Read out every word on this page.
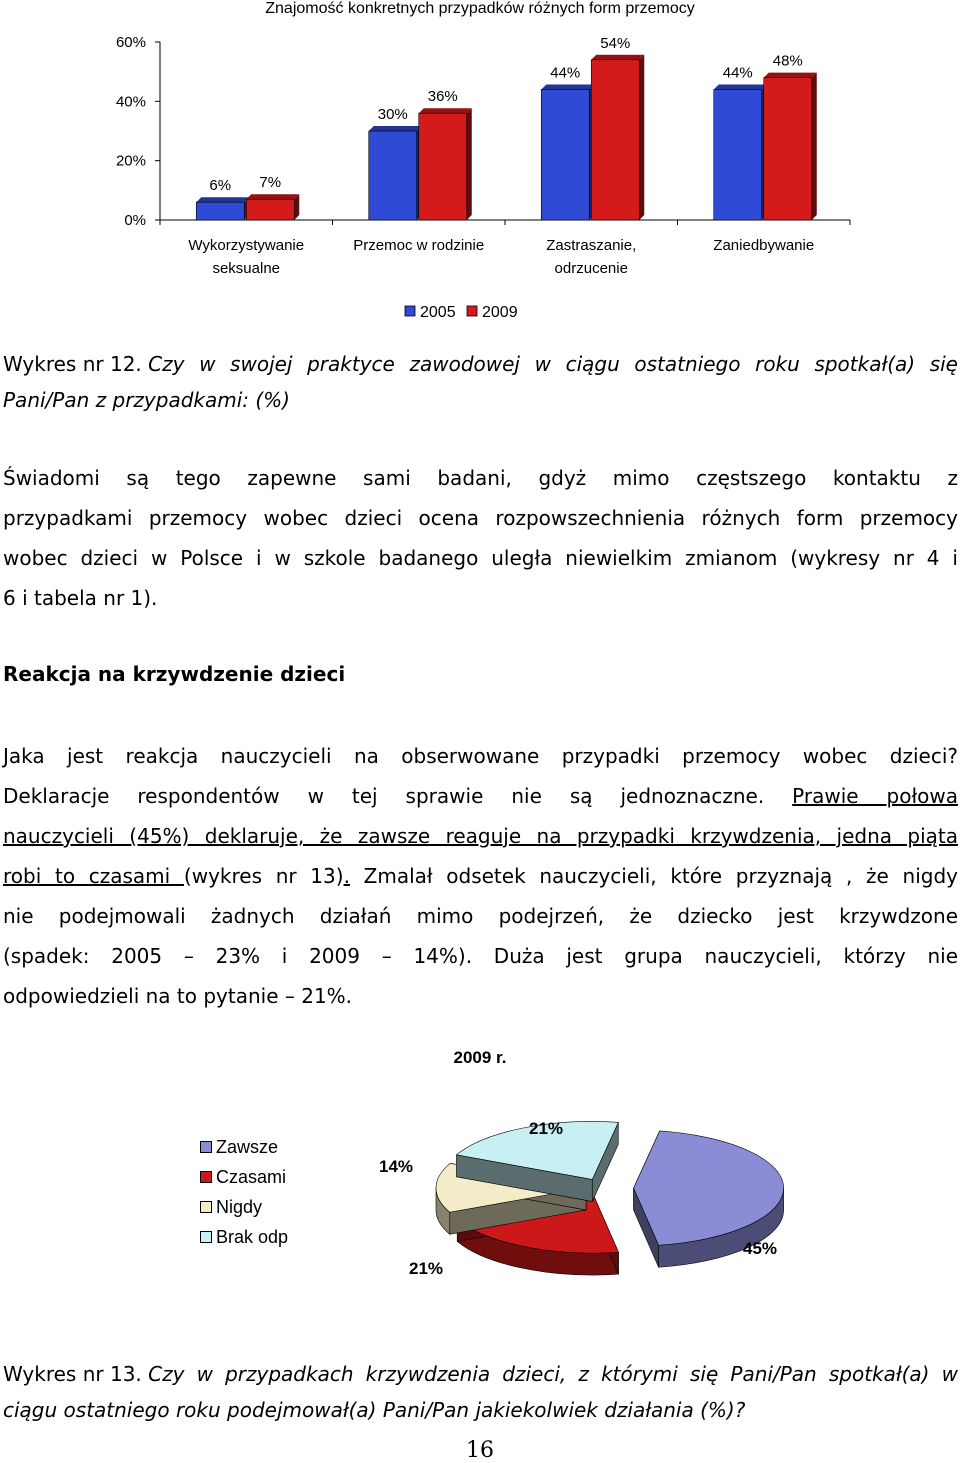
Znajomość konkretnych przypadków różnych form przemocy
0%
20%
40%
60%
6% 7%
Wykorzystywanie
seksualne
30%
36%
Przemoc w rodzinie
44%
54%
Zastraszanie,
odrzucenie
44%
48%
Zaniedbywanie
2005 2009
Wykres nr 12. Czy w swojej praktyce zawodowej w ciągu ostatniego roku spotkał(a) się
Pani/Pan z przypadkami: (%)
Świadomi są tego zapewne sami badani, gdyż mimo częstszego kontaktu z
przypadkami przemocy wobec dzieci ocena rozpowszechnienia różnych form przemocy
wobec dzieci w Polsce i w szkole badanego uległa niewielkim zmianom (wykresy nr 4 i
6 i tabela nr 1).
Reakcja na krzywdzenie dzieci
Jaka jest reakcja nauczycieli na obserwowane przypadki przemocy wobec dzieci?
Deklaracje respondentów w tej sprawie nie są jednoznaczne. Prawie połowa
nauczycieli (45%) deklaruje, że zawsze reaguje na przypadki krzywdzenia, jedna piąta
robi to czasami (wykres nr 13). Zmalał odsetek nauczycieli, które przyznają , że nigdy
nie podejmowali żadnych działań mimo podejrzeń, że dziecko jest krzywdzone
(spadek: 2005 – 23% i 2009 – 14%). Duża jest grupa nauczycieli, którzy nie
odpowiedzieli na to pytanie – 21%.
2009 r.
Zawsze
Czasami
Nigdy
Brak odp
45%
21%
14%
21%
Wykres nr 13. Czy w przypadkach krzywdzenia dzieci, z którymi się Pani/Pan spotkał(a) w
ciągu ostatniego roku podejmował(a) Pani/Pan jakiekolwiek działania (%)?
16
